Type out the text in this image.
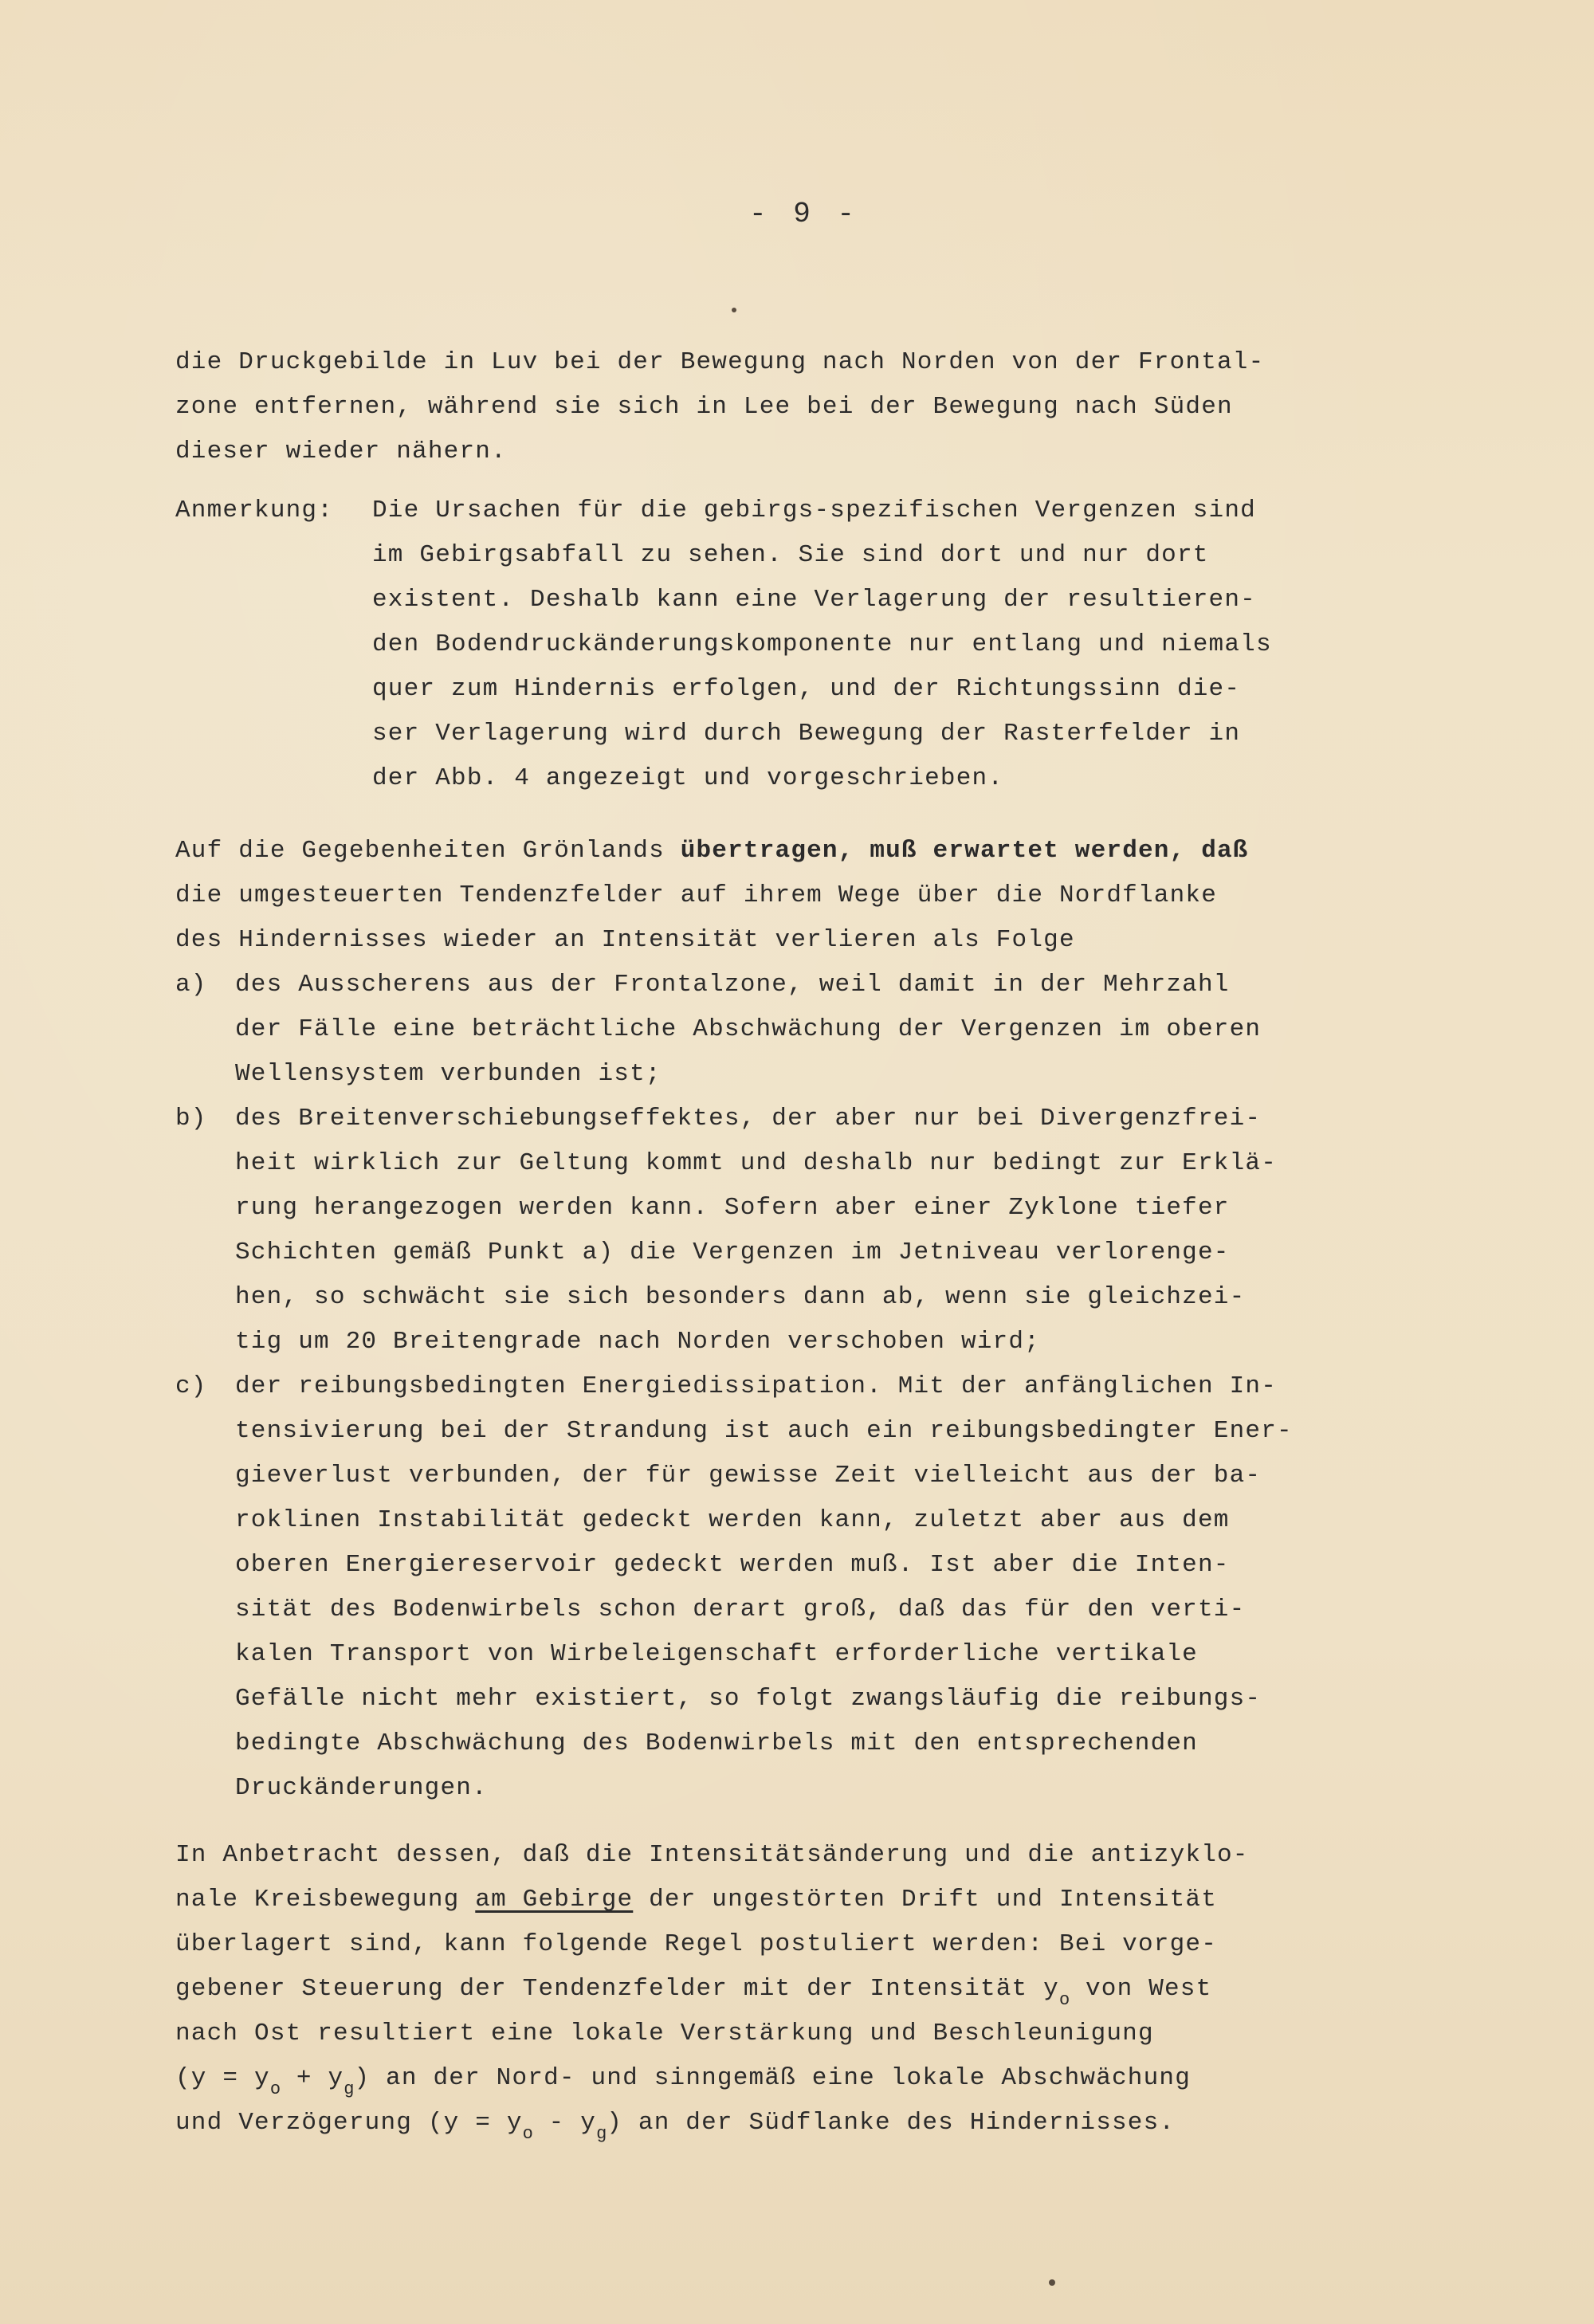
- 9 -
die Druckgebilde in Luv bei der Bewegung nach Norden von der Frontal-
zone entfernen, während sie sich in Lee bei der Bewegung nach Süden
dieser wieder nähern.
Anmerkung: Die Ursachen für die gebirgs-spezifischen Vergenzen sind
im Gebirgsabfall zu sehen. Sie sind dort und nur dort
existent. Deshalb kann eine Verlagerung der resultieren-
den Bodendruckänderungskomponente nur entlang und niemals
quer zum Hindernis erfolgen, und der Richtungssinn die-
ser Verlagerung wird durch Bewegung der Rasterfelder in
der Abb. 4 angezeigt und vorgeschrieben.
Auf die Gegebenheiten Grönlands übertragen, muß erwartet werden, daß
die umgesteuerten Tendenzfelder auf ihrem Wege über die Nordflanke
des Hindernisses wieder an Intensität verlieren als Folge
a) des Ausscherens aus der Frontalzone, weil damit in der Mehrzahl
der Fälle eine beträchtliche Abschwächung der Vergenzen im oberen
Wellensystem verbunden ist;
b) des Breitenverschiebungseffektes, der aber nur bei Divergenzfrei-
heit wirklich zur Geltung kommt und deshalb nur bedingt zur Erklä-
rung herangezogen werden kann. Sofern aber einer Zyklone tiefer
Schichten gemäß Punkt a) die Vergenzen im Jetniveau verlorenge-
hen, so schwächt sie sich besonders dann ab, wenn sie gleichzei-
tig um 20 Breitengrade nach Norden verschoben wird;
c) der reibungsbedingten Energiedissipation. Mit der anfänglichen In-
tensivierung bei der Strandung ist auch ein reibungsbedingter Ener-
gieverlust verbunden, der für gewisse Zeit vielleicht aus der ba-
roklinen Instabilität gedeckt werden kann, zuletzt aber aus dem
oberen Energiereservoir gedeckt werden muß. Ist aber die Inten-
sität des Bodenwirbels schon derart groß, daß das für den verti-
kalen Transport von Wirbeleigenschaft erforderliche vertikale
Gefälle nicht mehr existiert, so folgt zwangsläufig die reibungs-
bedingte Abschwächung des Bodenwirbels mit den entsprechenden
Druckänderungen.
In Anbetracht dessen, daß die Intensitätsänderung und die antizyklo-
nale Kreisbewegung am Gebirge der ungestörten Drift und Intensität
überlagert sind, kann folgende Regel postuliert werden: Bei vorge-
gebener Steuerung der Tendenzfelder mit der Intensität $y_o$ von West
nach Ost resultiert eine lokale Verstärkung und Beschleunigung
$(y = y_o + y_g)$ an der Nord- und sinngemäß eine lokale Abschwächung
und Verzögerung $(y = y_o - y_g)$ an der Südflanke des Hindernisses.
